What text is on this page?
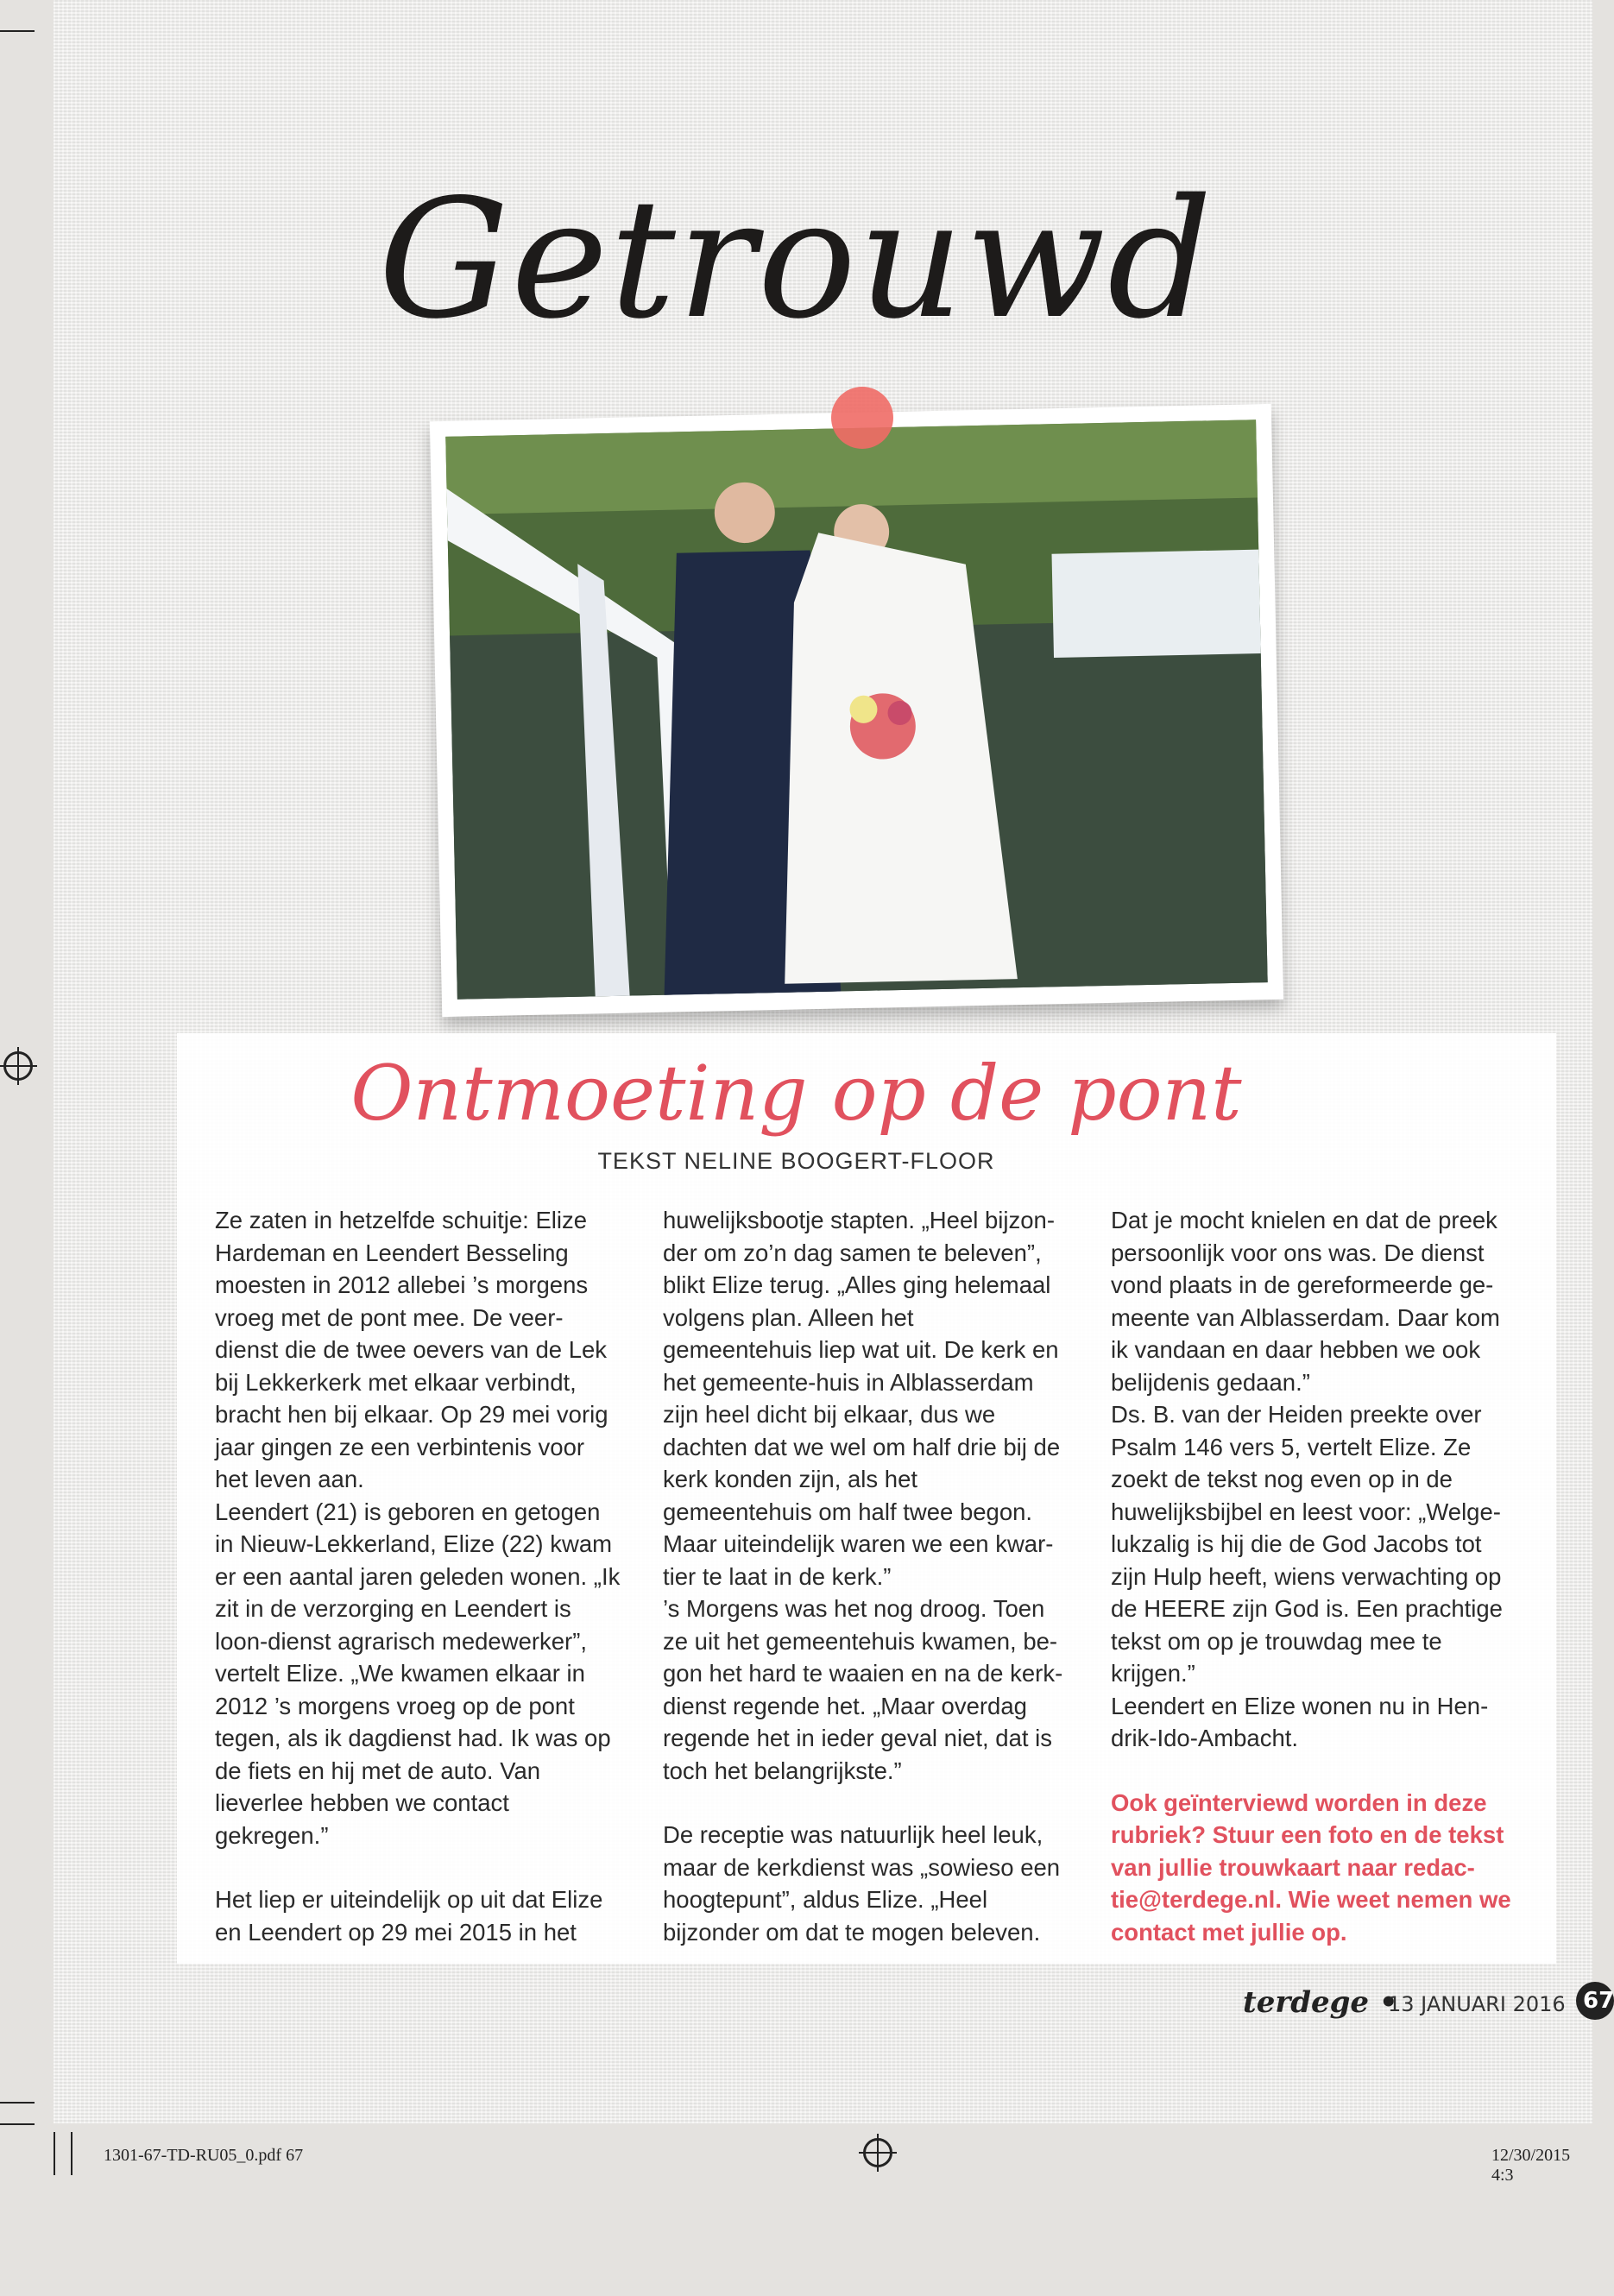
Getrouwd
Ontmoeting op de pont
TEKST NELINE BOOGERT-FLOOR

Ze zaten in hetzelfde schuitje: Elize Hardeman en Leendert Besseling moesten in 2012 allebei ’s morgens vroeg met de pont mee. De veer-dienst die de twee oevers van de Lek bij Lekkerkerk met elkaar verbindt, bracht hen bij elkaar. Op 29 mei vorig jaar gingen ze een verbintenis voor het leven aan.

Leendert (21) is geboren en getogen in Nieuw-Lekkerland, Elize (22) kwam er een aantal jaren geleden wonen. „Ik zit in de verzorging en Leendert is loon-dienst agrarisch medewerker”, vertelt Elize. „We kwamen elkaar in 2012 ’s morgens vroeg op de pont tegen, als ik dagdienst had. Ik was op de fiets en hij met de auto. Van lieverlee hebben we contact gekregen.”

Het liep er uiteindelijk op uit dat Elize en Leendert op 29 mei 2015 in het

huwelijksbootje stapten. „Heel bijzon-der om zo’n dag samen te beleven”, blikt Elize terug. „Alles ging helemaal volgens plan. Alleen het gemeentehuis liep wat uit. De kerk en het gemeente-huis in Alblasserdam zijn heel dicht bij elkaar, dus we dachten dat we wel om half drie bij de kerk konden zijn, als het gemeentehuis om half twee begon. Maar uiteindelijk waren we een kwar-tier te laat in de kerk.”

’s Morgens was het nog droog. Toen ze uit het gemeentehuis kwamen, be-gon het hard te waaien en na de kerk-dienst regende het. „Maar overdag regende het in ieder geval niet, dat is toch het belangrijkste.”

De receptie was natuurlijk heel leuk, maar de kerkdienst was „sowieso een hoogtepunt”, aldus Elize. „Heel bijzonder om dat te mogen beleven.

Dat je mocht knielen en dat de preek persoonlijk voor ons was. De dienst vond plaats in de gereformeerde ge-meente van Alblasserdam. Daar kom ik vandaan en daar hebben we ook belijdenis gedaan.”

Ds. B. van der Heiden preekte over Psalm 146 vers 5, vertelt Elize. Ze zoekt de tekst nog even op in de huwelijksbijbel en leest voor: „Welge-lukzalig is hij die de God Jacobs tot zijn Hulp heeft, wiens verwachting op de HEERE zijn God is. Een prachtige tekst om op je trouwdag mee te krijgen.”

Leendert en Elize wonen nu in Hen-drik-Ido-Ambacht.

Ook geïnterviewd worden in deze rubriek? Stuur een foto en de tekst van jullie trouwkaart naar redac-tie@terdege.nl. Wie weet nemen we contact met jullie op.

terdege •
13 JANUARI 2016 67
1301-67-TD-RU05_0.pdf 67	12/30/2015 4:3
